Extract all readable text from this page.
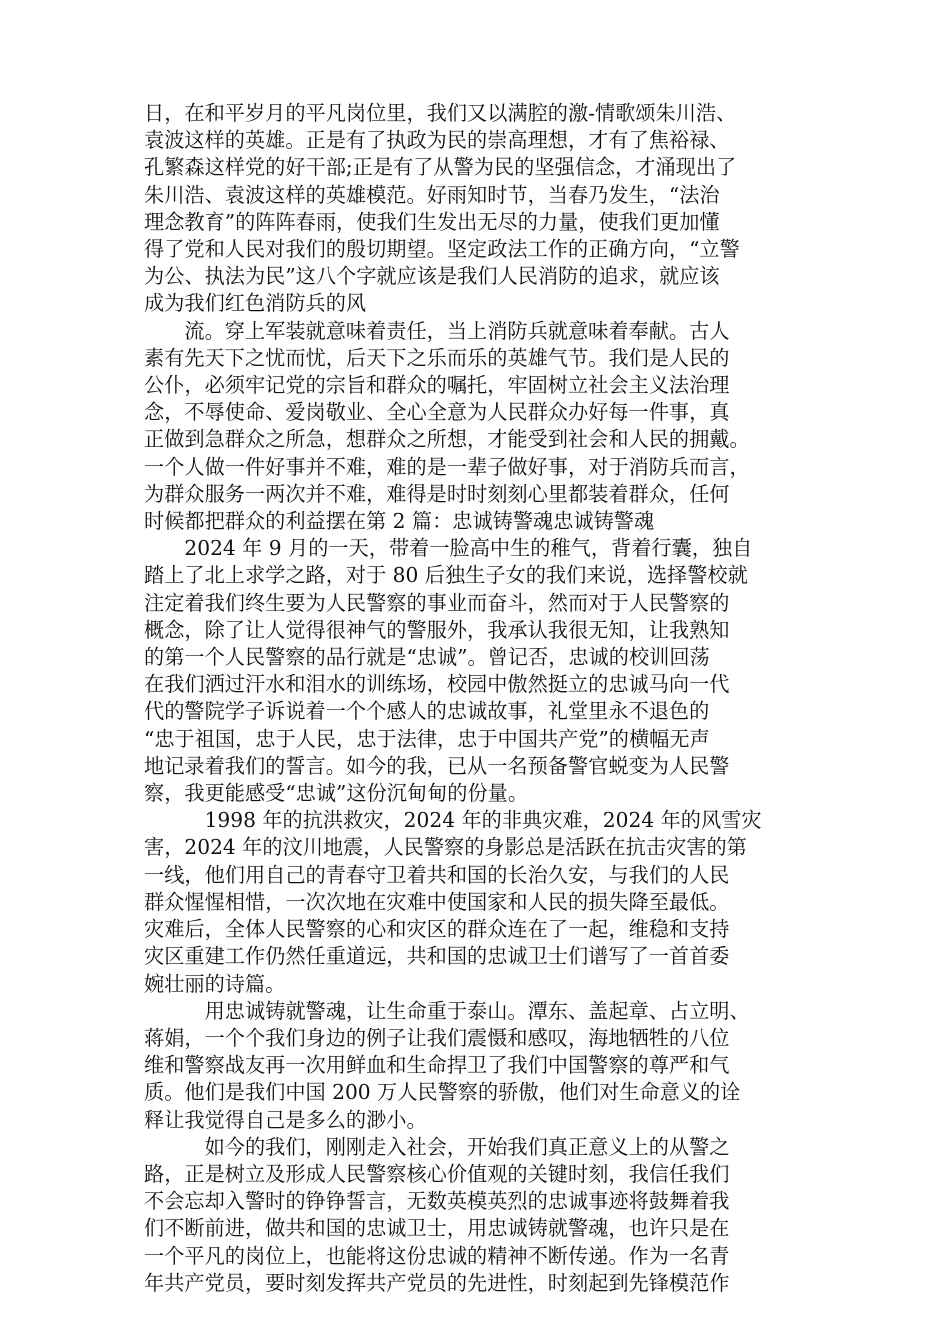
日，在和平岁月的平凡岗位里，我们又以满腔的激-情歌颂朱川浩、
袁波这样的英雄。正是有了执政为民的崇高理想，才有了焦裕禄、
孔繁森这样党的好干部;正是有了从警为民的坚强信念，才涌现出了
朱川浩、袁波这样的英雄模范。好雨知时节，当春乃发生，“法治
理念教育”的阵阵春雨，使我们生发出无尽的力量，使我们更加懂
得了党和人民对我们的殷切期望。坚定政法工作的正确方向，“立警
为公、执法为民”这八个字就应该是我们人民消防的追求，就应该
成为我们红色消防兵的风
　　流。穿上军装就意味着责任，当上消防兵就意味着奉献。古人
素有先天下之忧而忧，后天下之乐而乐的英雄气节。我们是人民的
公仆，必须牢记党的宗旨和群众的嘱托，牢固树立社会主义法治理
念，不辱使命、爱岗敬业、全心全意为人民群众办好每一件事，真
正做到急群众之所急，想群众之所想，才能受到社会和人民的拥戴。
一个人做一件好事并不难，难的是一辈子做好事，对于消防兵而言，
为群众服务一两次并不难，难得是时时刻刻心里都装着群众，任何
时候都把群众的利益摆在第 2 篇：忠诚铸警魂忠诚铸警魂
　　2024 年 9 月的一天，带着一脸高中生的稚气，背着行囊，独自
踏上了北上求学之路，对于 80 后独生子女的我们来说，选择警校就
注定着我们终生要为人民警察的事业而奋斗，然而对于人民警察的
概念，除了让人觉得很神气的警服外，我承认我很无知，让我熟知
的第一个人民警察的品行就是“忠诚”。曾记否，忠诚的校训回荡
在我们洒过汗水和泪水的训练场，校园中傲然挺立的忠诚马向一代
代的警院学子诉说着一个个感人的忠诚故事，礼堂里永不退色的
“忠于祖国，忠于人民，忠于法律，忠于中国共产党”的横幅无声
地记录着我们的誓言。如今的我，已从一名预备警官蜕变为人民警
察，我更能感受“忠诚”这份沉甸甸的份量。
　　　1998 年的抗洪救灾，2024 年的非典灾难，2024 年的风雪灾
害，2024 年的汶川地震，人民警察的身影总是活跃在抗击灾害的第
一线，他们用自己的青春守卫着共和国的长治久安，与我们的人民
群众惺惺相惜，一次次地在灾难中使国家和人民的损失降至最低。
灾难后，全体人民警察的心和灾区的群众连在了一起，维稳和支持
灾区重建工作仍然任重道远，共和国的忠诚卫士们谱写了一首首委
婉壮丽的诗篇。
　　　用忠诚铸就警魂，让生命重于泰山。潭东、盖起章、占立明、
蒋娟，一个个我们身边的例子让我们震慑和感叹，海地牺牲的八位
维和警察战友再一次用鲜血和生命捍卫了我们中国警察的尊严和气
质。他们是我们中国 200 万人民警察的骄傲，他们对生命意义的诠
释让我觉得自己是多么的渺小。
　　　如今的我们，刚刚走入社会，开始我们真正意义上的从警之
路，正是树立及形成人民警察核心价值观的关键时刻，我信任我们
不会忘却入警时的铮铮誓言，无数英模英烈的忠诚事迹将鼓舞着我
们不断前进，做共和国的忠诚卫士，用忠诚铸就警魂，也许只是在
一个平凡的岗位上，也能将这份忠诚的精神不断传递。作为一名青
年共产党员，要时刻发挥共产党员的先进性，时刻起到先锋模范作
